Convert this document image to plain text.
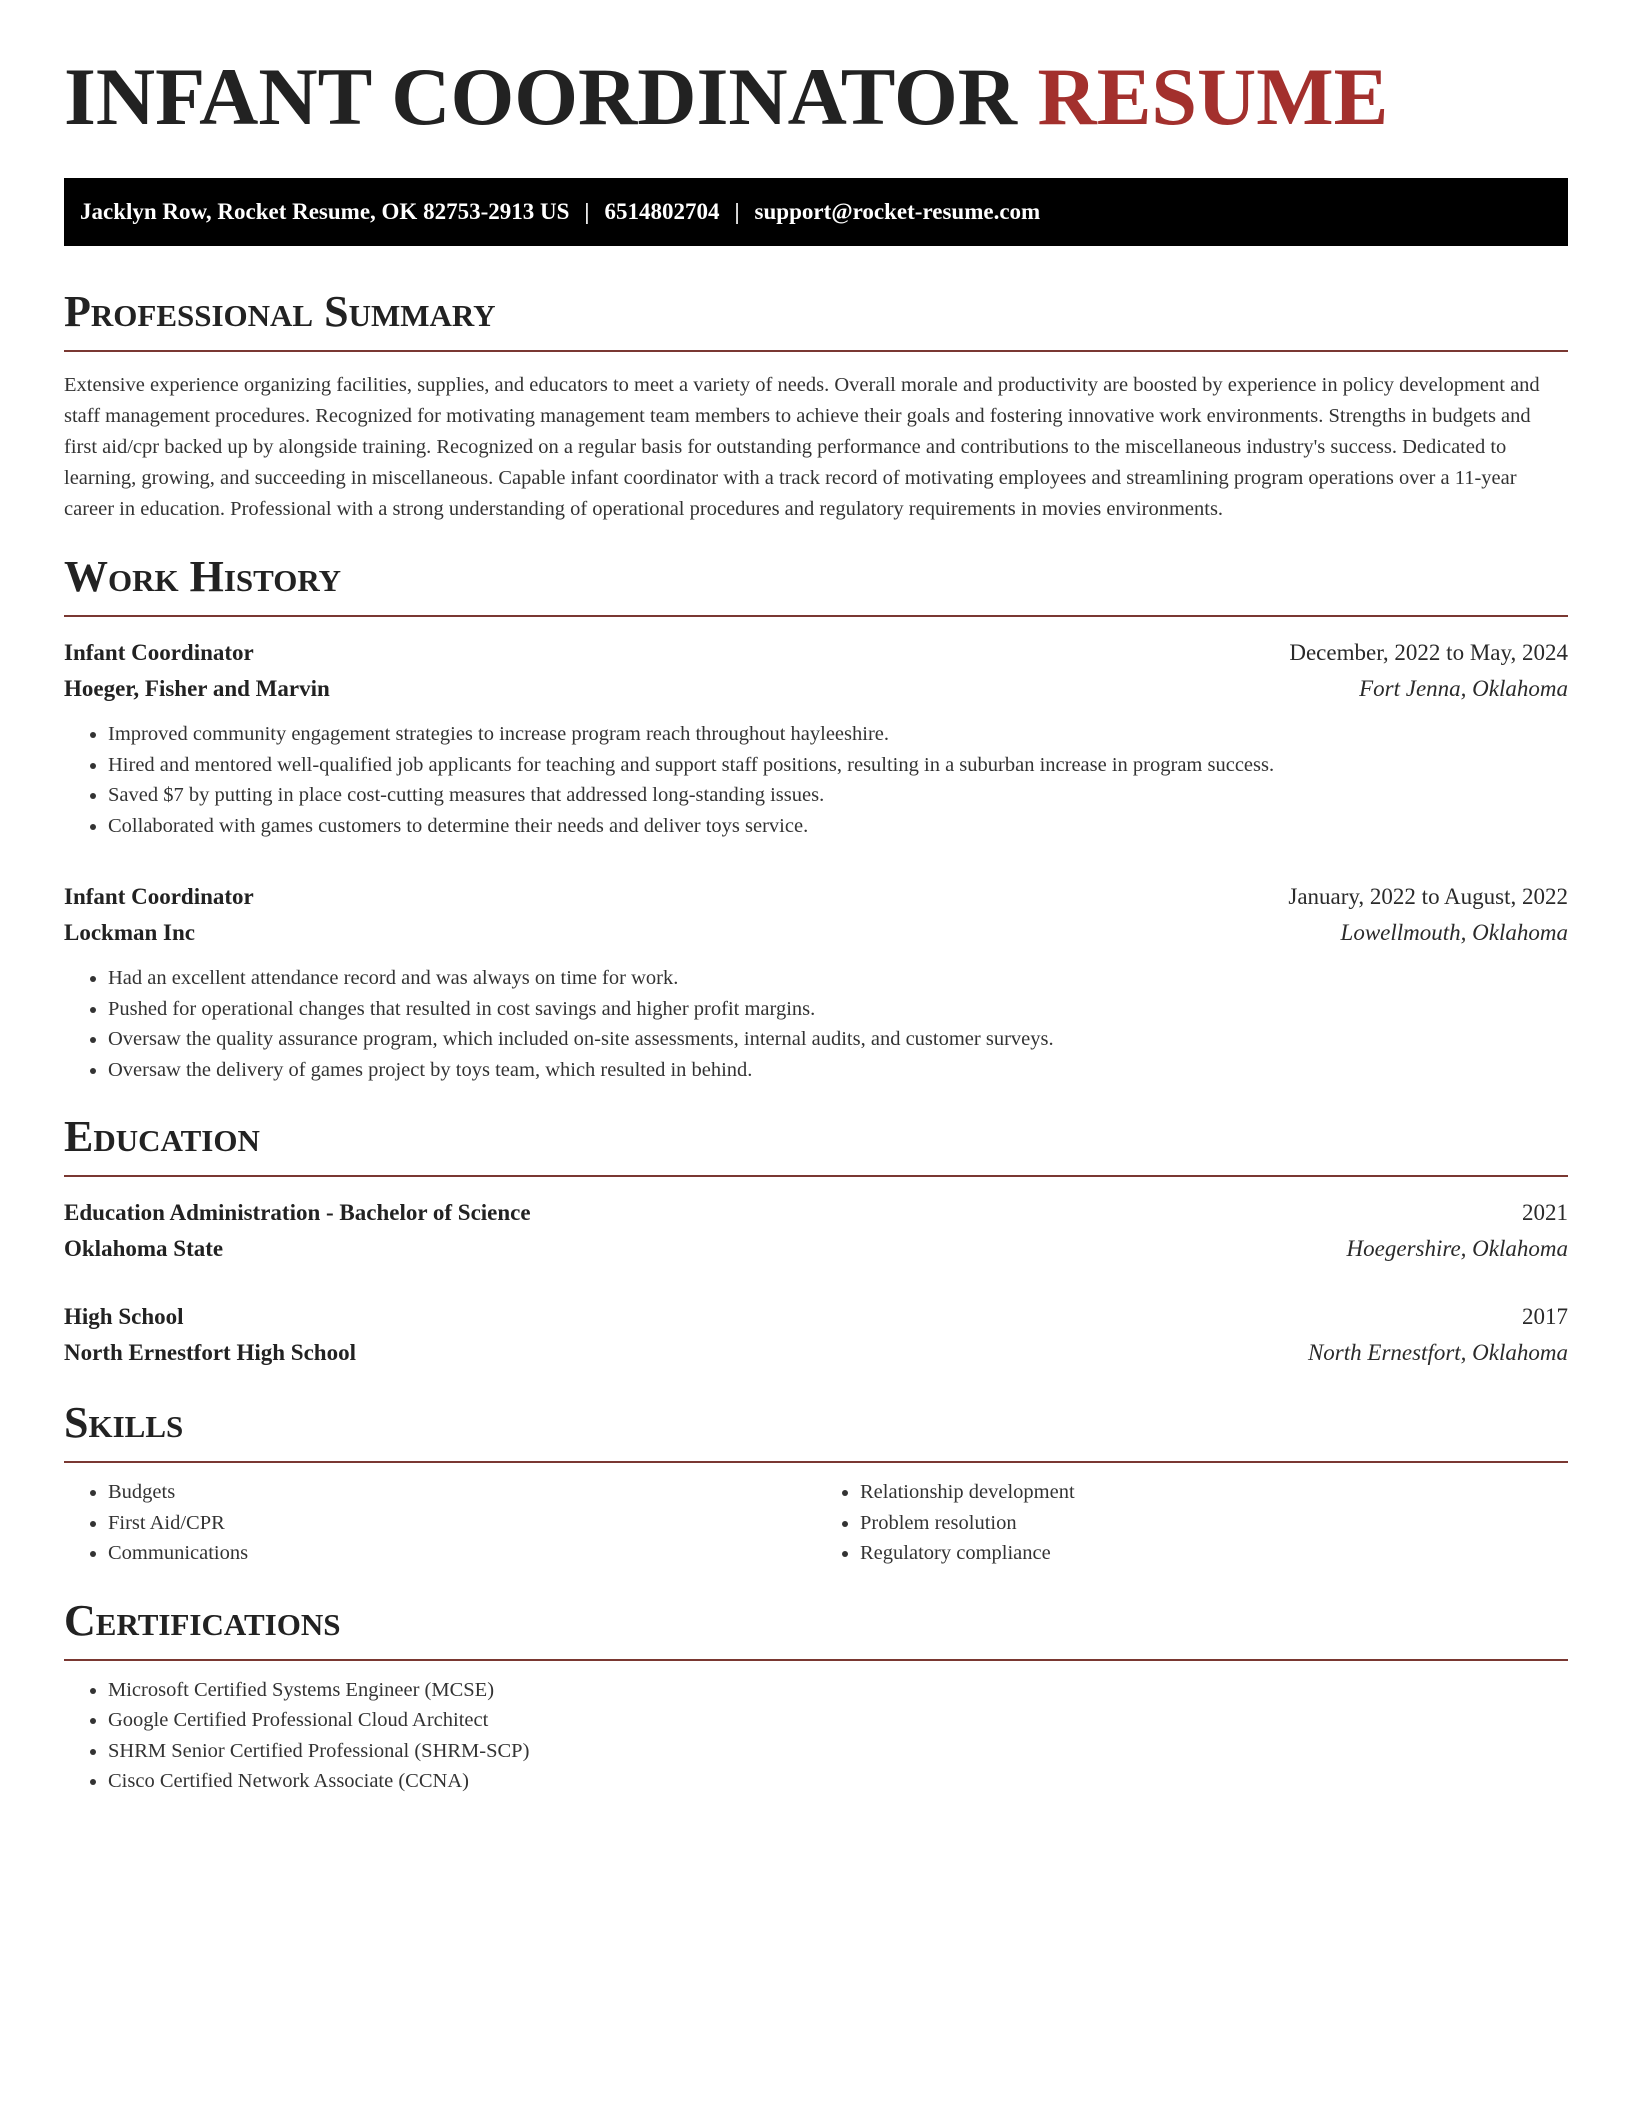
INFANT COORDINATOR RESUME
Jacklyn Row, Rocket Resume, OK 82753-2913 US | 6514802704 | support@rocket-resume.com
Professional Summary

Extensive experience organizing facilities, supplies, and educators to meet a variety of needs. Overall morale and productivity are boosted by experience in policy development and staff management procedures. Recognized for motivating management team members to achieve their goals and fostering innovative work environments. Strengths in budgets and first aid/cpr backed up by alongside training. Recognized on a regular basis for outstanding performance and contributions to the miscellaneous industry's success. Dedicated to learning, growing, and succeeding in miscellaneous. Capable infant coordinator with a track record of motivating employees and streamlining program operations over a 11-year career in education. Professional with a strong understanding of operational procedures and regulatory requirements in movies environments.

Work History
Infant Coordinator	December, 2022 to May, 2024
Hoeger, Fisher and Marvin	Fort Jenna, Oklahoma
• Improved community engagement strategies to increase program reach throughout hayleeshire.
• Hired and mentored well-qualified job applicants for teaching and support staff positions, resulting in a suburban increase in program success.
• Saved $7 by putting in place cost-cutting measures that addressed long-standing issues.
• Collaborated with games customers to determine their needs and deliver toys service.
Infant Coordinator	January, 2022 to August, 2022
Lockman Inc	Lowellmouth, Oklahoma
• Had an excellent attendance record and was always on time for work.
• Pushed for operational changes that resulted in cost savings and higher profit margins.
• Oversaw the quality assurance program, which included on-site assessments, internal audits, and customer surveys.
• Oversaw the delivery of games project by toys team, which resulted in behind.
Education
Education Administration - Bachelor of Science	2021
Oklahoma State	Hoegershire, Oklahoma
High School	2017
North Ernestfort High School	North Ernestfort, Oklahoma
Skills
• Budgets
• First Aid/CPR
• Communications
• Relationship development
• Problem resolution
• Regulatory compliance
Certifications
• Microsoft Certified Systems Engineer (MCSE)
• Google Certified Professional Cloud Architect
• SHRM Senior Certified Professional (SHRM-SCP)
• Cisco Certified Network Associate (CCNA)
